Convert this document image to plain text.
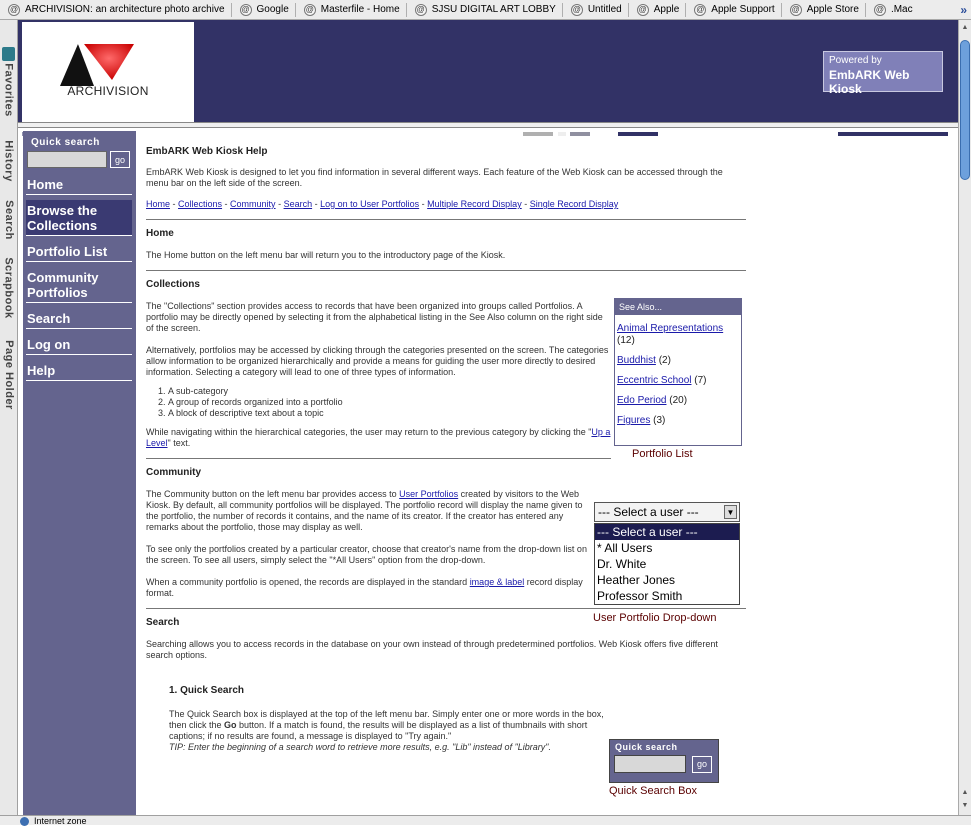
@ ARCHIVISION: an architecture photo archive @ Google @ Masterfile - Home @ SJSU DIGITAL ART LOBBY @ Untitled @ Apple @ Apple Support @ Apple Store @ .Mac	»
Favorites
History
Search
Scrapbook
Page Holder
ARCHIVISION
Powered by
EmbARK Web Kiosk
Quick search
go
Home
Browse the Collections
Portfolio List
Community Portfolios
Search
Log on
Help
EmbARK Web Kiosk Help
EmbARK Web Kiosk is designed to let you find information in several different ways. Each feature of the Web Kiosk can be accessed through the menu bar on the left side of the screen.
Home - Collections - Community - Search - Log on to User Portfolios - Multiple Record Display - Single Record Display
Home
The Home button on the left menu bar will return you to the introductory page of the Kiosk.
Collections
The "Collections" section provides access to records that have been organized into groups called Portfolios. A portfolio may be directly opened by selecting it from the alphabetical listing in the See Also column on the right side of the screen.
Alternatively, portfolios may be accessed by clicking through the categories presented on the screen. The categories allow information to be organized hierarchically and provide a means for guiding the user more directly to desired information. Selecting a category will lead to one of three types of information.
1. A sub-category
2. A group of records organized into a portfolio
3. A block of descriptive text about a topic
While navigating within the hierarchical categories, the user may return to the previous category by clicking the "Up a Level" text.
Community
The Community button on the left menu bar provides access to User Portfolios created by visitors to the Web Kiosk. By default, all community portfolios will be displayed. The portfolio record will display the name given to the portfolio, the number of records it contains, and the name of its creator. If the creator has entered any remarks about the portfolio, those may display as well.
To see only the portfolios created by a particular creator, choose that creator's name from the drop-down list on the screen. To see all users, simply select the "*All Users" option from the drop-down.
When a community portfolio is opened, the records are displayed in the standard image & label record display format.
Search
Searching allows you to access records in the database on your own instead of through predetermined portfolios. Web Kiosk offers five different search options.
1. Quick Search
The Quick Search box is displayed at the top of the left menu bar. Simply enter one or more words in the box, then click the Go button. If a match is found, the results will be displayed as a list of thumbnails with short captions; if no results are found, a message is displayed to "Try again."
TIP: Enter the beginning of a search word to retrieve more results, e.g. "Lib" instead of "Library".
See Also...
Animal Representations (12)
Buddhist (2)
Eccentric School (7)
Edo Period (20)
Figures (3)
Portfolio List
--- Select a user ---	▼
--- Select a user ---
* All Users
Dr. White
Heather Jones
Professor Smith
User Portfolio Drop-down
Quick search
go
Quick Search Box
▲
▲
▼
Internet zone
